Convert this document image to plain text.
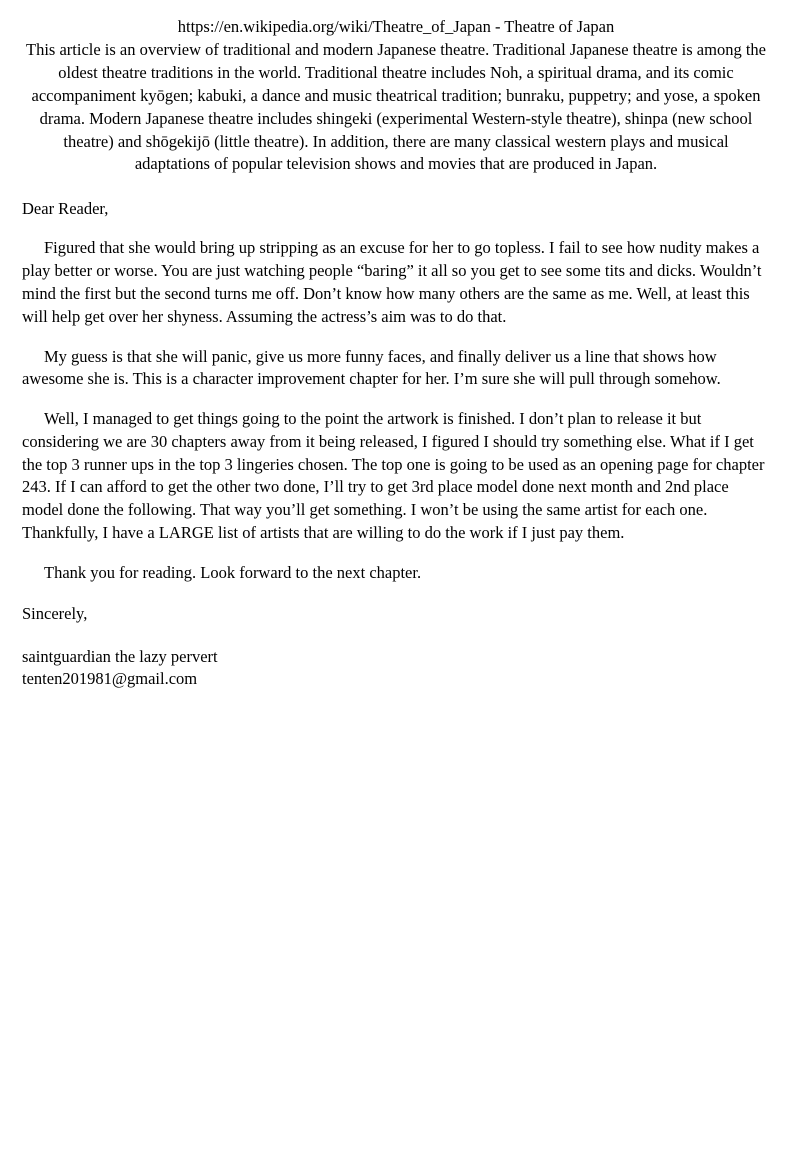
https://en.wikipedia.org/wiki/Theatre_of_Japan - Theatre of Japan
This article is an overview of traditional and modern Japanese theatre. Traditional Japanese theatre is among the oldest theatre traditions in the world. Traditional theatre includes Noh, a spiritual drama, and its comic accompaniment kyōgen; kabuki, a dance and music theatrical tradition; bunraku, puppetry; and yose, a spoken drama. Modern Japanese theatre includes shingeki (experimental Western-style theatre), shinpa (new school theatre) and shōgekijō (little theatre). In addition, there are many classical western plays and musical adaptations of popular television shows and movies that are produced in Japan.
Dear Reader,

Figured that she would bring up stripping as an excuse for her to go topless. I fail to see how nudity makes a play better or worse. You are just watching people “baring” it all so you get to see some tits and dicks. Wouldn’t mind the first but the second turns me off. Don’t know how many others are the same as me. Well, at least this will help get over her shyness. Assuming the actress’s aim was to do that.

My guess is that she will panic, give us more funny faces, and finally deliver us a line that shows how awesome she is. This is a character improvement chapter for her. I’m sure she will pull through somehow.

Well, I managed to get things going to the point the artwork is finished. I don’t plan to release it but considering we are 30 chapters away from it being released, I figured I should try something else. What if I get the top 3 runner ups in the top 3 lingeries chosen. The top one is going to be used as an opening page for chapter 243. If I can afford to get the other two done, I’ll try to get 3rd place model done next month and 2nd place model done the following. That way you’ll get something. I won’t be using the same artist for each one. Thankfully, I have a LARGE list of artists that are willing to do the work if I just pay them.

Thank you for reading. Look forward to the next chapter.

Sincerely,
saintguardian the lazy pervert
tenten201981@gmail.com
